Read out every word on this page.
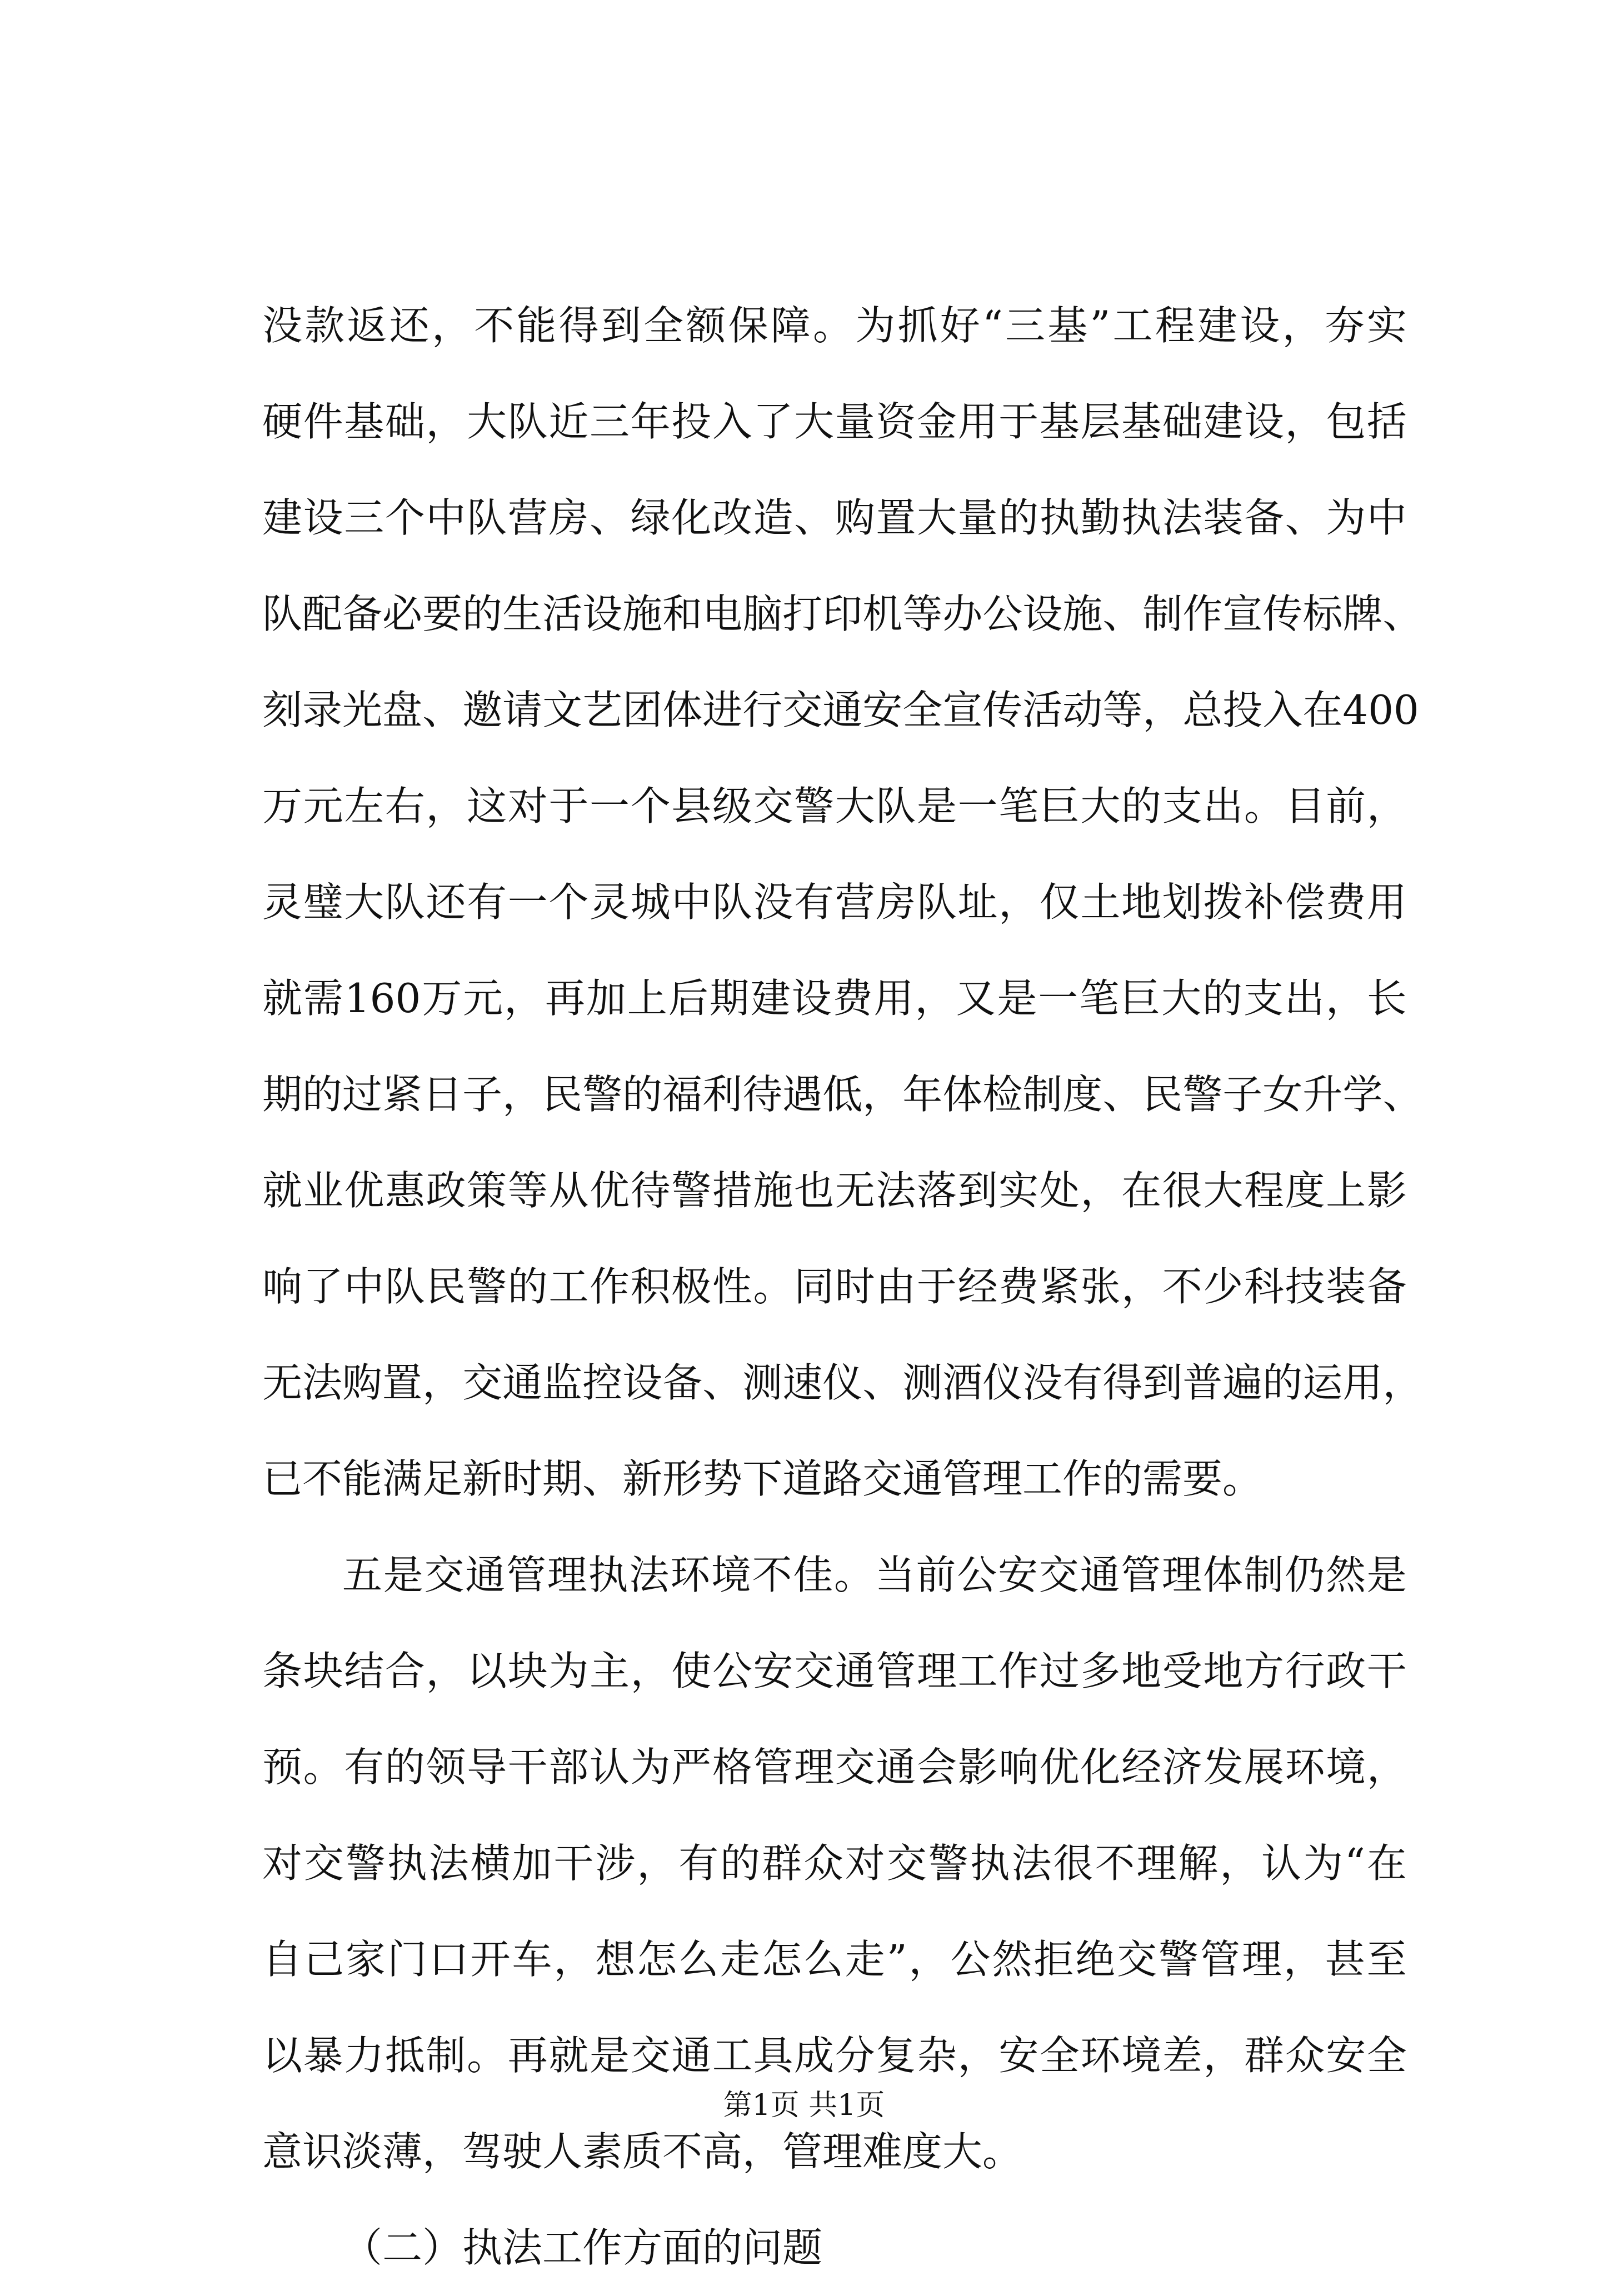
没 款 返 还 ， 不 能 得 到 全 额 保 障 。 为 抓 好 “ 三 基 ” 工 程 建 设 ， 夯 实
硬 件 基 础 ， 大 队 近 三 年 投 入 了 大 量 资 金 用 于 基 层 基 础 建 设 ， 包 括
建 设 三 个 中 队 营 房 、 绿 化 改 造 、 购 置 大 量 的 执 勤 执 法 装 备 、 为 中
队 配 备 必 要 的 生 活 设 施 和 电 脑 打 印 机 等 办 公 设 施 、 制 作 宣 传 标 牌 、
刻 录 光 盘 、 邀 请 文 艺 团 体 进 行 交 通 安 全 宣 传 活 动 等 ， 总 投 入 在 400
万 元 左 右 ， 这 对 于 一 个 县 级 交 警 大 队 是 一 笔 巨 大 的 支 出 。 目 前 ，
灵 璧 大 队 还 有 一 个 灵 城 中 队 没 有 营 房 队 址 ， 仅 土 地 划 拨 补 偿 费 用
就 需 160 万 元 ， 再 加 上 后 期 建 设 费 用 ， 又 是 一 笔 巨 大 的 支 出 ， 长
期 的 过 紧 日 子 ， 民 警 的 福 利 待 遇 低 ， 年 体 检 制 度 、 民 警 子 女 升 学 、
就 业 优 惠 政 策 等 从 优 待 警 措 施 也 无 法 落 到 实 处 ， 在 很 大 程 度 上 影
响 了 中 队 民 警 的 工 作 积 极 性 。 同 时 由 于 经 费 紧 张 ， 不 少 科 技 装 备
无 法 购 置 ， 交 通 监 控 设 备 、 测 速 仪 、 测 酒 仪 没 有 得 到 普 遍 的 运 用 ，
已不能满足新时期、新形势下道路交通管理工作的需要。
五 是 交 通 管 理 执 法 环 境 不 佳 。 当 前 公 安 交 通 管 理 体 制 仍 然 是
条 块 结 合 ， 以 块 为 主 ， 使 公 安 交 通 管 理 工 作 过 多 地 受 地 方 行 政 干
预 。 有 的 领 导 干 部 认 为 严 格 管 理 交 通 会 影 响 优 化 经 济 发 展 环 境 ，
对 交 警 执 法 横 加 干 涉 ， 有 的 群 众 对 交 警 执 法 很 不 理 解 ， 认 为 “ 在
自 己 家 门 口 开 车 ， 想 怎 么 走 怎 么 走 ” ， 公 然 拒 绝 交 警 管 理 ， 甚 至
以 暴 力 抵 制 。 再 就 是 交 通 工 具 成 分 复 杂 ， 安 全 环 境 差 ， 群 众 安 全
意识淡薄，驾驶人素质不高，管理难度大。
（二）执法工作方面的问题
第1页 共1页
